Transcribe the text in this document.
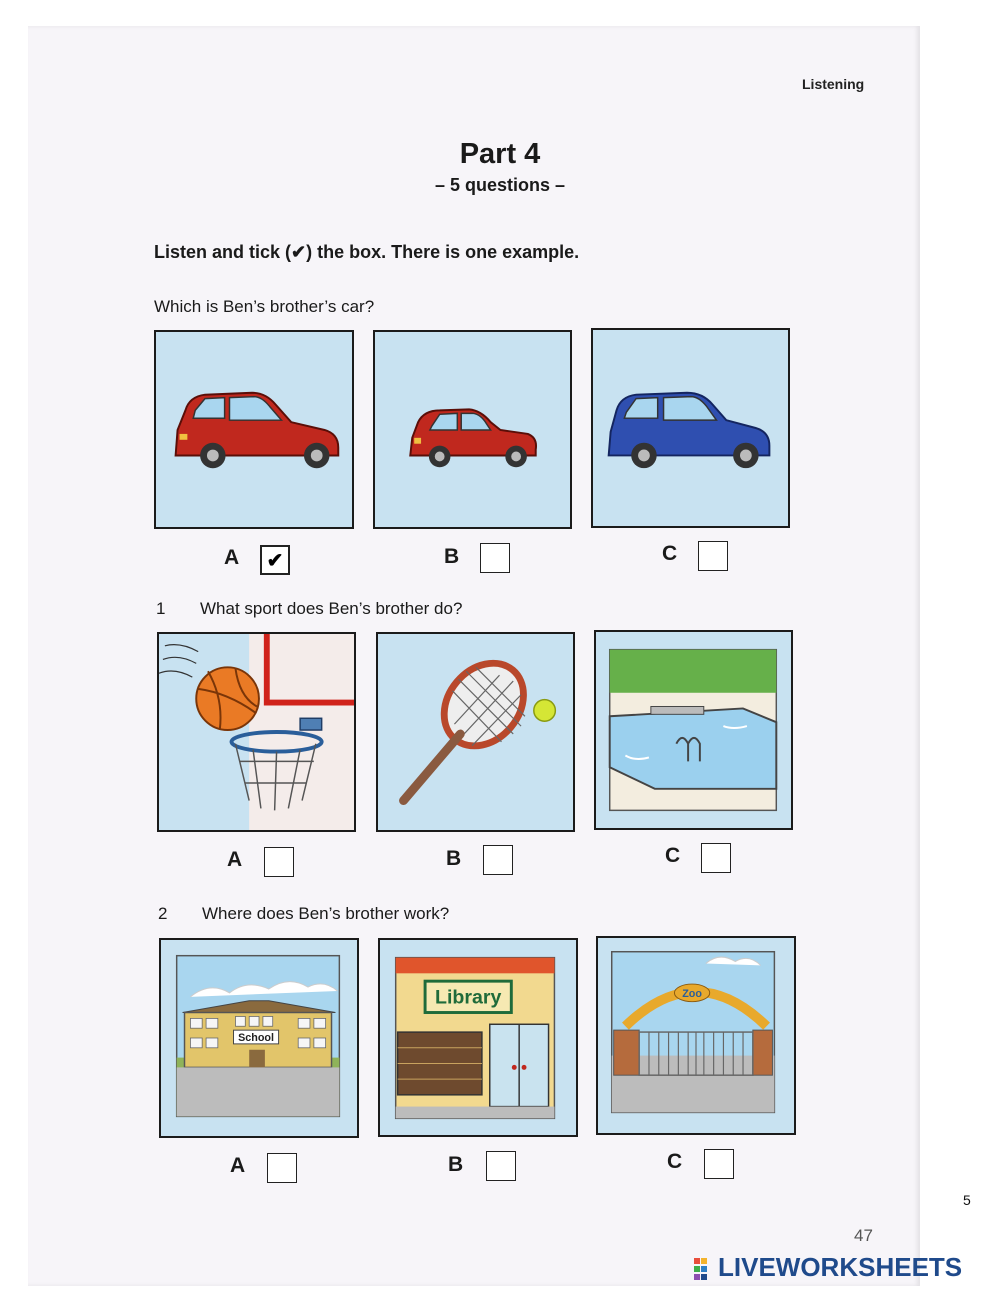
Listening
Part 4
– 5 questions –
Listen and tick (✔) the box. There is one example.
Which is Ben’s brother’s car?
A ✔	B	C
1 What sport does Ben’s brother do?
A	B	C
2 Where does Ben’s brother work?
School
Library	Zoo
A	B	C
5
47
LIVEWORKSHEETS
